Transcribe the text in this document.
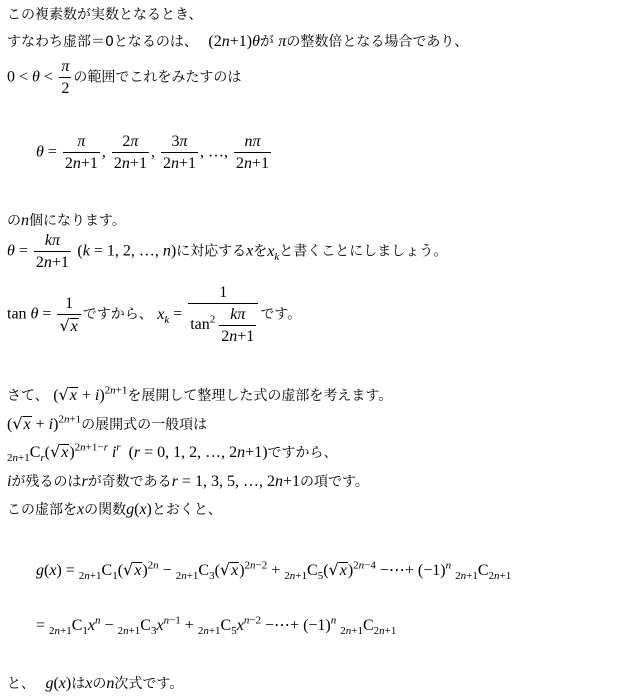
この複素数が実数となるとき、
すなわち虚部＝0となるのは、 (2n+1)θが πの整数倍となる場合であり、
$0 < \theta < \frac{\pi}{2}$ の範囲でこれをみたすのは
$\theta = \frac{\pi}{2n+1}$ , $\frac{2\pi}{2n+1}$ , $\frac{3\pi}{2n+1}$ , …, $\frac{n\pi}{2n+1}$
のn個になります。
$\theta = \frac{k\pi}{2n+1} (k = 1$, 2, …, n)に対応するxを$x_k$と書くことにしましょう。
$\tan \theta = \frac{1}{√x}$ ですから、 $x_k = \frac{1}{\tan^2 \frac{k\pi}{2n+1}}$ です。
さて、 $(√x + i)^{2n+1}$を展開して整理した式の虚部を考えます。
$(√x + i)^{2n+1}$の展開式の一般項は
$_{2n+1}C_r(√x)^{2n+1-r}$ $i^r$  (r = 0, 1, 2, …, 2n+1)ですから、
iが残るのはrが奇数であるr = 1, 3, 5, …, 2n+1の項です。
この虚部をxの関数g(x)とおくと、
$g(x) = _{2n+1}C_1(√x)^{2n} - _{2n+1}C_3(√x)^{2n-2} + _{2n+1}C_5(√x)^{2n-4}$ −⋯+ $(-1)^n$ $_{2n+1}C_{2n+1}$
= $_{2n+1}C_1x^n - _{2n+1}C_3x^{n-1} + _{2n+1}C_5x^{n-2}$ −⋯+ $(-1)^n$ $_{2n+1}C_{2n+1}$
と、 g(x)はxのn次式です。
